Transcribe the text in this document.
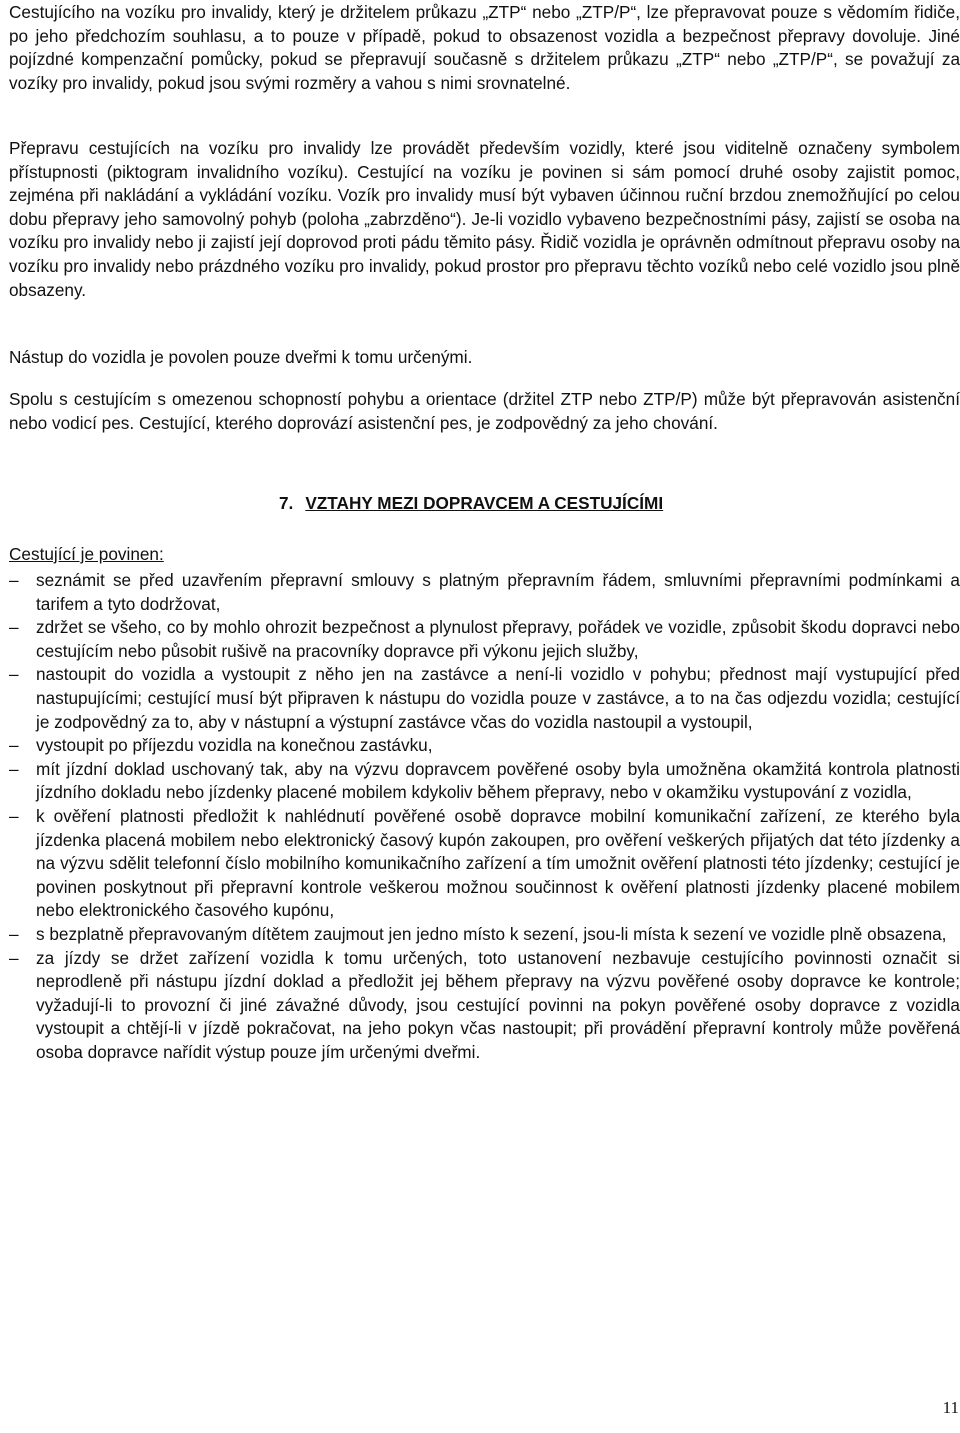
Cestujícího na vozíku pro invalidy, který je držitelem průkazu „ZTP“ nebo „ZTP/P“, lze přepravovat pouze s vědomím řidiče, po jeho předchozím souhlasu, a to pouze v případě, pokud to obsazenost vozidla a bezpečnost přepravy dovoluje. Jiné pojízdné kompenzační pomůcky, pokud se přepravují současně s držitelem průkazu „ZTP“ nebo „ZTP/P“, se považují za vozíky pro invalidy, pokud jsou svými rozměry a vahou s nimi srovnatelné.

Přepravu cestujících na vozíku pro invalidy lze provádět především vozidly, které jsou viditelně označeny symbolem přístupnosti (piktogram invalidního vozíku). Cestující na vozíku je povinen si sám pomocí druhé osoby zajistit pomoc, zejména při nakládání a vykládání vozíku. Vozík pro invalidy musí být vybaven účinnou ruční brzdou znemožňující po celou dobu přepravy jeho samovolný pohyb (poloha „zabrzděno“). Je-li vozidlo vybaveno bezpečnostními pásy, zajistí se osoba na vozíku pro invalidy nebo ji zajistí její doprovod proti pádu těmito pásy. Řidič vozidla je oprávněn odmítnout přepravu osoby na vozíku pro invalidy nebo prázdného vozíku pro invalidy, pokud prostor pro přepravu těchto vozíků nebo celé vozidlo jsou plně obsazeny.

Nástup do vozidla je povolen pouze dveřmi k tomu určenými.

Spolu s cestujícím s omezenou schopností pohybu a orientace (držitel ZTP nebo ZTP/P) může být přepravován asistenční nebo vodicí pes. Cestující, kterého doprovází asistenční pes, je zodpovědný za jeho chování.

7. VZTAHY MEZI DOPRAVCEM A CESTUJÍCÍMI

Cestující je povinen:

–	seznámit se před uzavřením přepravní smlouvy s platným přepravním řádem, smluvními přepravními podmínkami a tarifem a tyto dodržovat,
–	zdržet se všeho, co by mohlo ohrozit bezpečnost a plynulost přepravy, pořádek ve vozidle, způsobit škodu dopravci nebo cestujícím nebo působit rušivě na pracovníky dopravce při výkonu jejich služby,
–	nastoupit do vozidla a vystoupit z něho jen na zastávce a není-li vozidlo v pohybu; přednost mají vystupující před nastupujícími; cestující musí být připraven k nástupu do vozidla pouze v zastávce, a to na čas odjezdu vozidla; cestující je zodpovědný za to, aby v nástupní a výstupní zastávce včas do vozidla nastoupil a vystoupil,
–	vystoupit po příjezdu vozidla na konečnou zastávku,
–	mít jízdní doklad uschovaný tak, aby na výzvu dopravcem pověřené osoby byla umožněna okamžitá kontrola platnosti jízdního dokladu nebo jízdenky placené mobilem kdykoliv během přepravy, nebo v okamžiku vystupování z vozidla,
–	k ověření platnosti předložit k nahlédnutí pověřené osobě dopravce mobilní komunikační zařízení, ze kterého byla jízdenka placená mobilem nebo elektronický časový kupón zakoupen, pro ověření veškerých přijatých dat této jízdenky a na výzvu sdělit telefonní číslo mobilního komunikačního zařízení a tím umožnit ověření platnosti této jízdenky; cestující je povinen poskytnout při přepravní kontrole veškerou možnou součinnost k ověření platnosti jízdenky placené mobilem nebo elektronického časového kupónu,
–	s bezplatně přepravovaným dítětem zaujmout jen jedno místo k sezení, jsou-li místa k sezení ve vozidle plně obsazena,
–	za jízdy se držet zařízení vozidla k tomu určených, toto ustanovení nezbavuje cestujícího povinnosti označit si neprodleně při nástupu jízdní doklad a předložit jej během přepravy na výzvu pověřené osoby dopravce ke kontrole; vyžadují-li to provozní či jiné závažné důvody, jsou cestující povinni na pokyn pověřené osoby dopravce z vozidla vystoupit a chtějí-li v jízdě pokračovat, na jeho pokyn včas nastoupit; při provádění přepravní kontroly může pověřená osoba dopravce nařídit výstup pouze jím určenými dveřmi.
11
